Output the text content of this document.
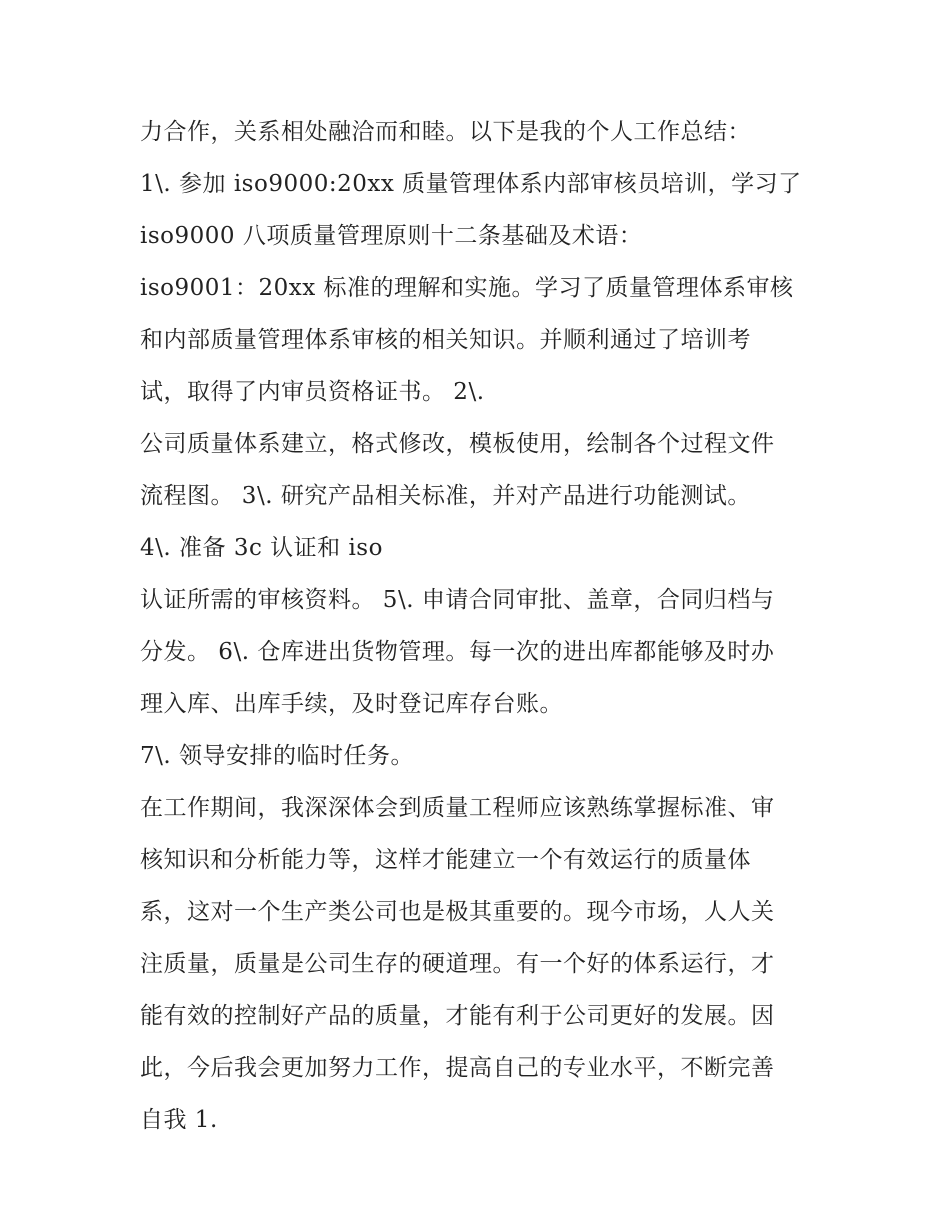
力合作，关系相处融洽而和睦。以下是我的个人工作总结：
1\. 参加 iso9000:20xx 质量管理体系内部审核员培训，学习了
iso9000 八项质量管理原则十二条基础及术语：
iso9001：20xx 标准的理解和实施。学习了质量管理体系审核
和内部质量管理体系审核的相关知识。并顺利通过了培训考
试，取得了内审员资格证书。 2\.
公司质量体系建立，格式修改，模板使用，绘制各个过程文件
流程图。 3\. 研究产品相关标准，并对产品进行功能测试。
4\. 准备 3c 认证和 iso
认证所需的审核资料。 5\. 申请合同审批、盖章，合同归档与
分发。 6\. 仓库进出货物管理。每一次的进出库都能够及时办
理入库、出库手续，及时登记库存台账。
7\. 领导安排的临时任务。
在工作期间，我深深体会到质量工程师应该熟练掌握标准、审
核知识和分析能力等，这样才能建立一个有效运行的质量体
系，这对一个生产类公司也是极其重要的。现今市场，人人关
注质量，质量是公司生存的硬道理。有一个好的体系运行，才
能有效的控制好产品的质量，才能有利于公司更好的发展。因
此，今后我会更加努力工作，提高自己的专业水平，不断完善
自我 1.
